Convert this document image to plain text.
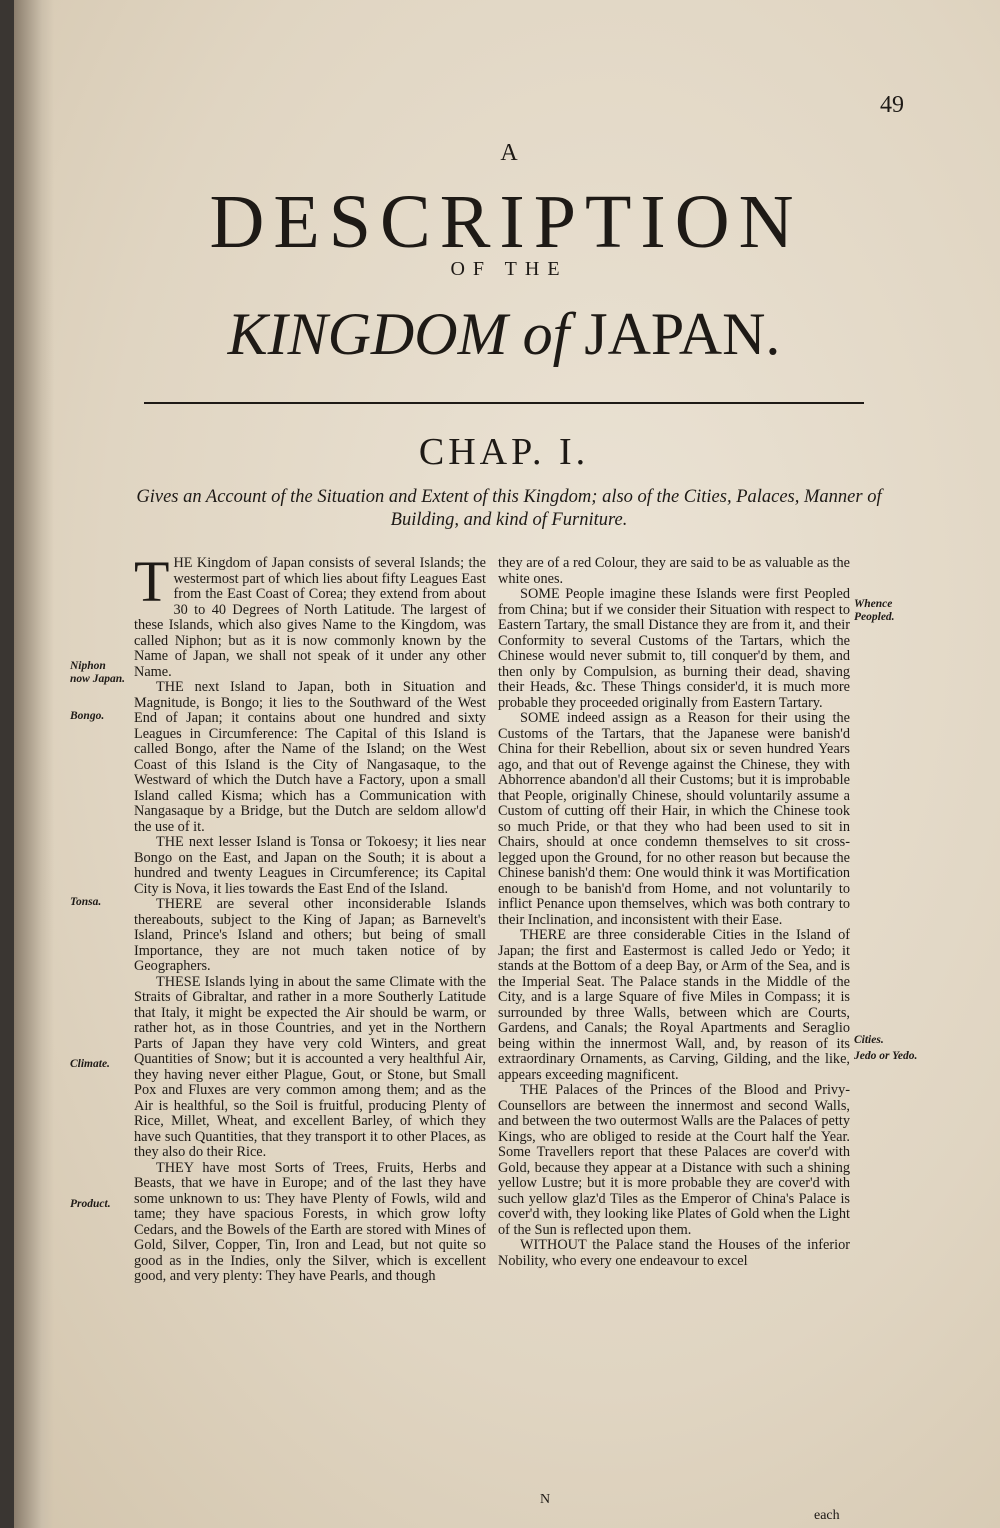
49
A
DESCRIPTION
OF THE
KINGDOM of JAPAN.
CHAP. I.
Gives an Account of the Situation and Extent of this Kingdom; also of the Cities, Palaces, Manner of Building, and kind of Furniture.

THE Kingdom of Japan consists of several Islands; the westermost part of which lies about fifty Leagues East from the East Coast of Corea; they extend from about 30 to 40 Degrees of North Latitude. The largest of these Islands, which also gives Name to the Kingdom, was called Niphon; but as it is now commonly known by the Name of Japan, we shall not speak of it under any other Name.

THE next Island to Japan, both in Situation and Magnitude, is Bongo; it lies to the Southward of the West End of Japan; it contains about one hundred and sixty Leagues in Circumference: The Capital of this Island is called Bongo, after the Name of the Island; on the West Coast of this Island is the City of Nangasaque, to the Westward of which the Dutch have a Factory, upon a small Island called Kisma; which has a Communication with Nangasaque by a Bridge, but the Dutch are seldom allow'd the use of it.

THE next lesser Island is Tonsa or Tokoesy; it lies near Bongo on the East, and Japan on the South; it is about a hundred and twenty Leagues in Circumference; its Capital City is Nova, it lies towards the East End of the Island.

THERE are several other inconsiderable Islands thereabouts, subject to the King of Japan; as Barnevelt's Island, Prince's Island and others; but being of small Importance, they are not much taken notice of by Geographers.

THESE Islands lying in about the same Climate with the Straits of Gibraltar, and rather in a more Southerly Latitude that Italy, it might be expected the Air should be warm, or rather hot, as in those Countries, and yet in the Northern Parts of Japan they have very cold Winters, and great Quantities of Snow; but it is accounted a very healthful Air, they having never either Plague, Gout, or Stone, but Small Pox and Fluxes are very common among them; and as the Air is healthful, so the Soil is fruitful, producing Plenty of Rice, Millet, Wheat, and excellent Barley, of which they have such Quantities, that they transport it to other Places, as they also do their Rice.

THEY have most Sorts of Trees, Fruits, Herbs and Beasts, that we have in Europe; and of the last they have some unknown to us: They have Plenty of Fowls, wild and tame; they have spacious Forests, in which grow lofty Cedars, and the Bowels of the Earth are stored with Mines of Gold, Silver, Copper, Tin, Iron and Lead, but not quite so good as in the Indies, only the Silver, which is excellent good, and very plenty: They have Pearls, and though

they are of a red Colour, they are said to be as valuable as the white ones.

SOME People imagine these Islands were first Peopled from China; but if we consider their Situation with respect to Eastern Tartary, the small Distance they are from it, and their Conformity to several Customs of the Tartars, which the Chinese would never submit to, till conquer'd by them, and then only by Compulsion, as burning their dead, shaving their Heads, &c. These Things consider'd, it is much more probable they proceeded originally from Eastern Tartary.

SOME indeed assign as a Reason for their using the Customs of the Tartars, that the Japanese were banish'd China for their Rebellion, about six or seven hundred Years ago, and that out of Revenge against the Chinese, they with Abhorrence abandon'd all their Customs; but it is improbable that People, originally Chinese, should voluntarily assume a Custom of cutting off their Hair, in which the Chinese took so much Pride, or that they who had been used to sit in Chairs, should at once condemn themselves to sit cross-legged upon the Ground, for no other reason but because the Chinese banish'd them: One would think it was Mortification enough to be banish'd from Home, and not voluntarily to inflict Penance upon themselves, which was both contrary to their Inclination, and inconsistent with their Ease.

THERE are three considerable Cities in the Island of Japan; the first and Eastermost is called Jedo or Yedo; it stands at the Bottom of a deep Bay, or Arm of the Sea, and is the Imperial Seat. The Palace stands in the Middle of the City, and is a large Square of five Miles in Compass; it is surrounded by three Walls, between which are Courts, Gardens, and Canals; the Royal Apartments and Seraglio being within the innermost Wall, and, by reason of its extraordinary Ornaments, as Carving, Gilding, and the like, appears exceeding magnificent.

THE Palaces of the Princes of the Blood and Privy-Counsellors are between the innermost and second Walls, and between the two outermost Walls are the Palaces of petty Kings, who are obliged to reside at the Court half the Year. Some Travellers report that these Palaces are cover'd with Gold, because they appear at a Distance with such a shining yellow Lustre; but it is more probable they are cover'd with such yellow glaz'd Tiles as the Emperor of China's Palace is cover'd with, they looking like Plates of Gold when the Light of the Sun is reflected upon them.

WITHOUT the Palace stand the Houses of the inferior Nobility, who every one endeavour to excel

Niphon now Japan.
Bongo.
Tonsa.
Climate.
Product.
Whence Peopled.
Cities.
Jedo or Yedo.
N
each
